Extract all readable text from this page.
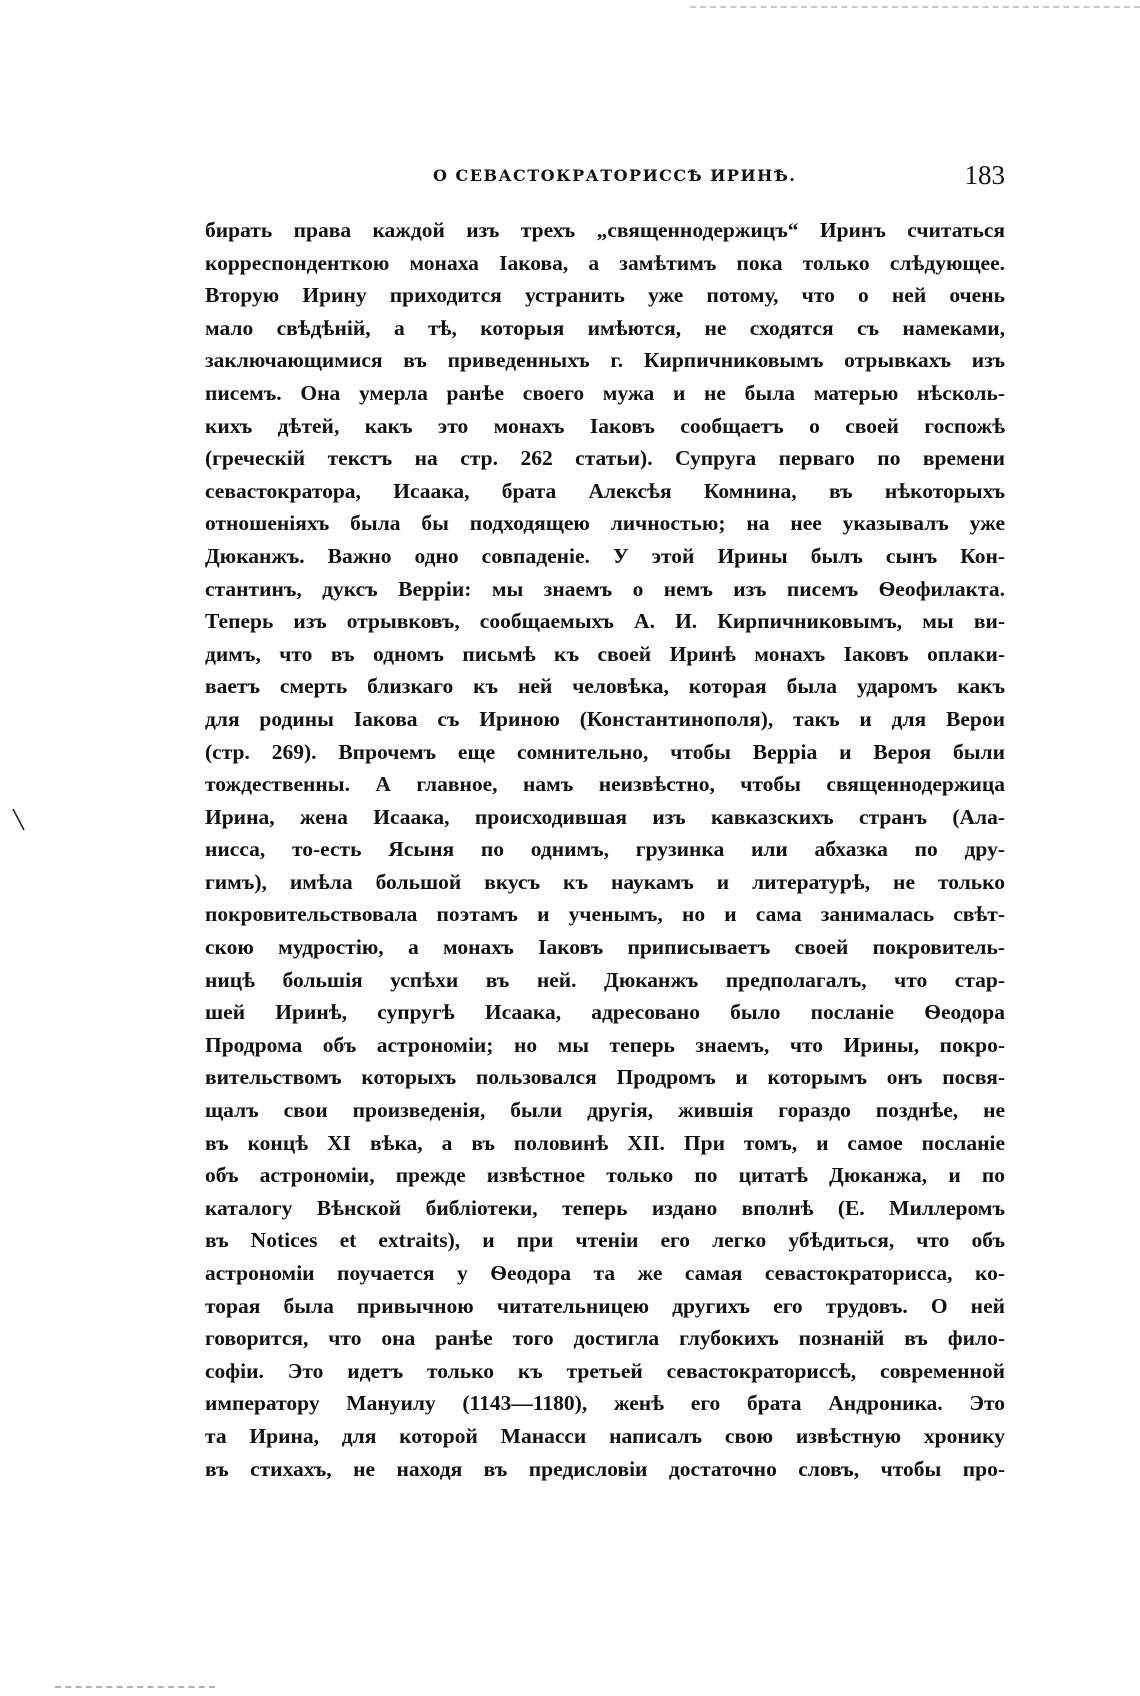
О СЕВАСТОКРАТОРИССѢ ИРИНѢ.	183
бирать права каждой изъ трехъ „священнодержицъ“ Иринъ считаться
корреспонденткою монаха Іакова, а замѣтимъ пока только слѣдующее.
Вторую Ирину приходится устранить уже потому, что о ней очень
мало свѣдѣній, а тѣ, которыя имѣются, не сходятся съ намеками,
заключающимися въ приведенныхъ г. Кирпичниковымъ отрывкахъ изъ
писемъ. Она умерла ранѣе своего мужа и не была матерью нѣсколь-
кихъ дѣтей, какъ это монахъ Іаковъ сообщаетъ о своей госпожѣ
(греческій текстъ на стр. 262 статьи). Супруга перваго по времени
севастократора, Исаака, брата Алексѣя Комнина, въ нѣкоторыхъ
отношеніяхъ была бы подходящею личностью; на нее указывалъ уже
Дюканжъ. Важно одно совпаденіе. У этой Ирины былъ сынъ Кон-
стантинъ, дуксъ Верріи: мы знаемъ о немъ изъ писемъ Ѳеофилакта.
Теперь изъ отрывковъ, сообщаемыхъ А. И. Кирпичниковымъ, мы ви-
димъ, что въ одномъ письмѣ къ своей Иринѣ монахъ Іаковъ оплаки-
ваетъ смерть близкаго къ ней человѣка, которая была ударомъ какъ
для родины Іакова съ Ириною (Константинополя), такъ и для Верои
(стр. 269). Впрочемъ еще сомнительно, чтобы Верріа и Вероя были
тождественны. А главное, намъ неизвѣстно, чтобы священнодержица
Ирина, жена Исаака, происходившая изъ кавказскихъ странъ (Ала-
нисса, то-есть Ясыня по однимъ, грузинка или абхазка по дру-
гимъ), имѣла большой вкусъ къ наукамъ и литературѣ, не только
покровительствовала поэтамъ и ученымъ, но и сама занималась свѣт-
скою мудростію, а монахъ Іаковъ приписываетъ своей покровитель-
ницѣ большія успѣхи въ ней. Дюканжъ предполагалъ, что стар-
шей Иринѣ, супругѣ Исаака, адресовано было посланіе Ѳеодора
Продрома объ астрономіи; но мы теперь знаемъ, что Ирины, покро-
вительствомъ которыхъ пользовался Продромъ и которымъ онъ посвя-
щалъ свои произведенія, были другія, жившія гораздо позднѣе, не
въ концѣ XI вѣка, а въ половинѣ XII. При томъ, и самое посланіе
объ астрономіи, прежде извѣстное только по цитатѣ Дюканжа, и по
каталогу Вѣнской библіотеки, теперь издано вполнѣ (Е. Миллеромъ
въ Notices et extraits), и при чтеніи его легко убѣдиться, что объ
астрономіи поучается у Ѳеодора та же самая севастократорисса, ко-
торая была привычною читательницею другихъ его трудовъ. О ней
говорится, что она ранѣе того достигла глубокихъ познаній въ фило-
софіи. Это идетъ только къ третьей севастократориссѣ, современной
императору Мануилу (1143—1180), женѣ его брата Андроника. Это
та Ирина, для которой Манасси написалъ свою извѣстную хронику
въ стихахъ, не находя въ предисловіи достаточно словъ, чтобы про-
